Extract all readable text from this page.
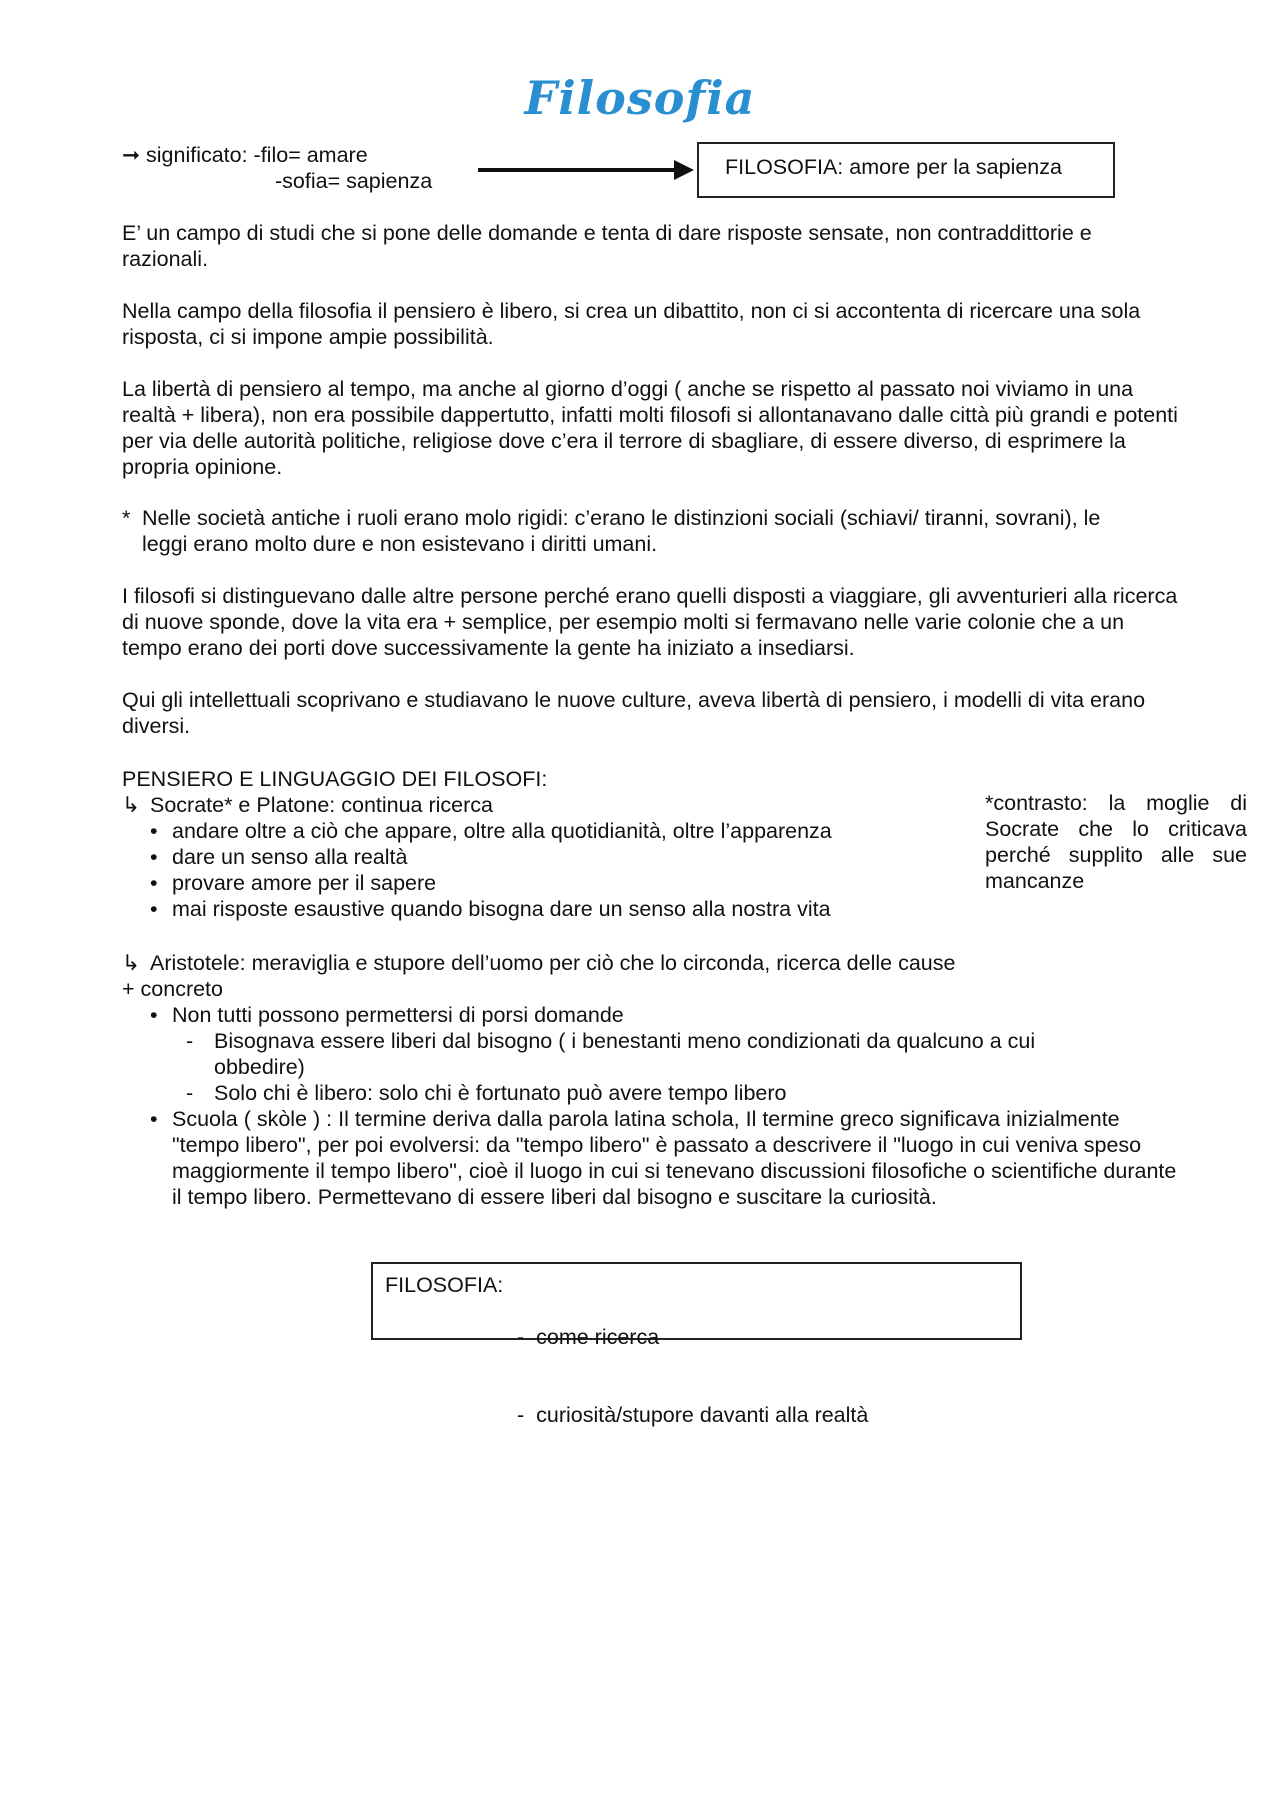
Filosofia
➞ significato: -filo= amare
-sofia= sapienza
FILOSOFIA: amore per la sapienza
E’ un campo di studi che si pone delle domande e tenta di dare risposte sensate, non contraddittorie e razionali.
Nella campo della filosofia il pensiero è libero, si crea un dibattito, non ci si accontenta di ricercare una sola risposta, ci si impone ampie possibilità.
La libertà di pensiero al tempo, ma anche al giorno d’oggi ( anche se rispetto al passato noi viviamo in una realtà + libera), non era possibile dappertutto, infatti molti filosofi si allontanavano dalle città più grandi e potenti per via delle autorità politiche, religiose dove c’era il terrore di sbagliare, di essere diverso, di esprimere la propria opinione.
* Nelle società antiche i ruoli erano molo rigidi: c’erano le distinzioni sociali (schiavi/ tiranni, sovrani), le leggi erano molto dure e non esistevano i diritti umani.
I filosofi si distinguevano dalle altre persone perché erano quelli disposti a viaggiare, gli avventurieri alla ricerca di nuove sponde, dove la vita era + semplice, per esempio molti si fermavano nelle varie colonie che a un tempo erano dei porti dove successivamente la gente ha iniziato a insediarsi.
Qui gli intellettuali scoprivano e studiavano le nuove culture, aveva libertà di pensiero, i modelli di vita erano diversi.
PENSIERO E LINGUAGGIO DEI FILOSOFI:
↳ Socrate* e Platone: continua ricerca
• andare oltre a ciò che appare, oltre alla quotidianità, oltre l’apparenza
• dare un senso alla realtà
• provare amore per il sapere
• mai risposte esaustive quando bisogna dare un senso alla nostra vita
*contrasto: la moglie di Socrate che lo criticava perché supplito alle sue mancanze
↳ Aristotele: meraviglia e stupore dell’uomo per ciò che lo circonda, ricerca delle cause
+ concreto
• Non tutti possono permettersi di porsi domande
- Bisognava essere liberi dal bisogno ( i benestanti meno condizionati da qualcuno a cui obbedire)
- Solo chi è libero: solo chi è fortunato può avere tempo libero
• Scuola ( skòle ) : Il termine deriva dalla parola latina schola, Il termine greco significava inizialmente "tempo libero", per poi evolversi: da "tempo libero" è passato a descrivere il "luogo in cui veniva speso maggiormente il tempo libero", cioè il luogo in cui si tenevano discussioni filosofiche o scientifiche durante il tempo libero. Permettevano di essere liberi dal bisogno e suscitare la curiosità.
FILOSOFIA:

-  come ricerca

-  curiosità/stupore davanti alla realtà
